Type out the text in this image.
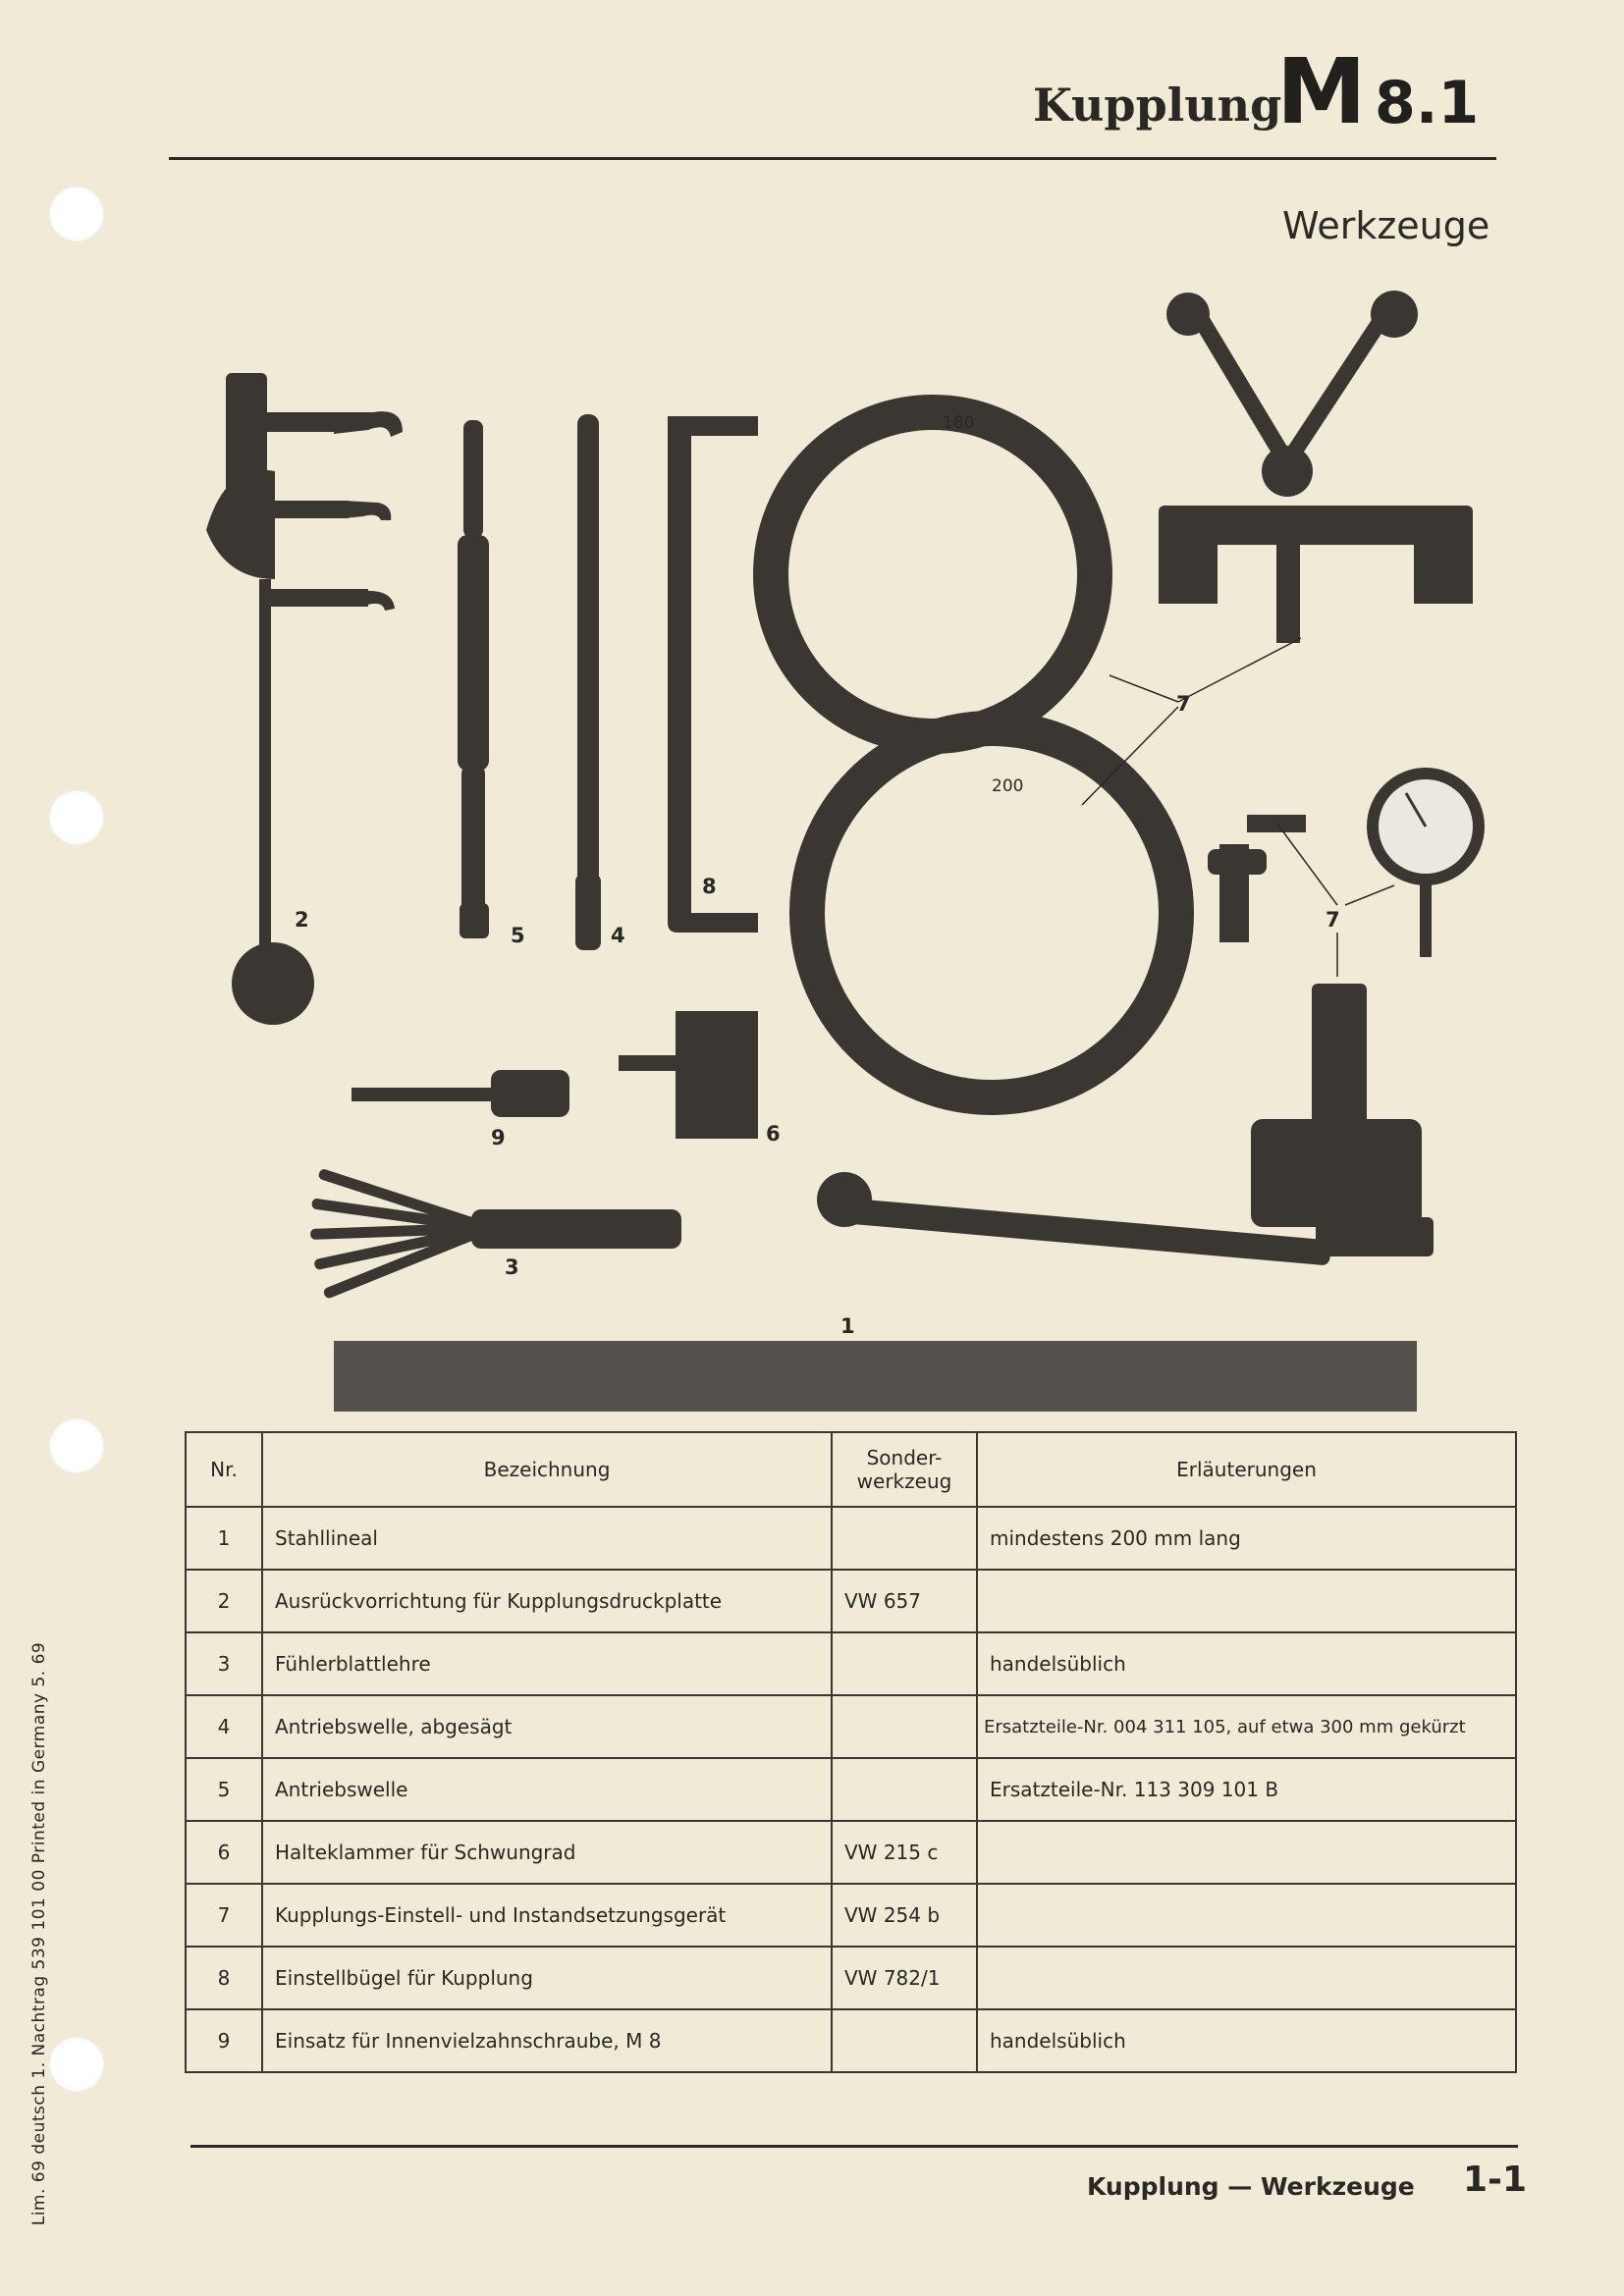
Kupplung
M 8.1
Werkzeuge
180
200
1
2
3
4
5
6
7
7
8
9
Nr.	Bezeichnung	Sonder-
werkzeug	Erläuterungen
1	Stahllineal		mindestens 200 mm lang
2	Ausrückvorrichtung für Kupplungsdruckplatte	VW 657	
3	Fühlerblattlehre		handelsüblich
4	Antriebswelle, abgesägt		Ersatzteile-Nr. 004 311 105, auf etwa 300 mm gekürzt
5	Antriebswelle		Ersatzteile-Nr. 113 309 101 B
6	Halteklammer für Schwungrad	VW 215 c	
7	Kupplungs-Einstell- und Instandsetzungsgerät	VW 254 b	
8	Einstellbügel für Kupplung	VW 782/1	
9	Einsatz für Innenvielzahnschraube, M 8		handelsüblich
Lim. 69 deutsch 1. Nachtrag 539 101 00 Printed in Germany 5. 69	Kupplung — Werkzeuge 1-1
